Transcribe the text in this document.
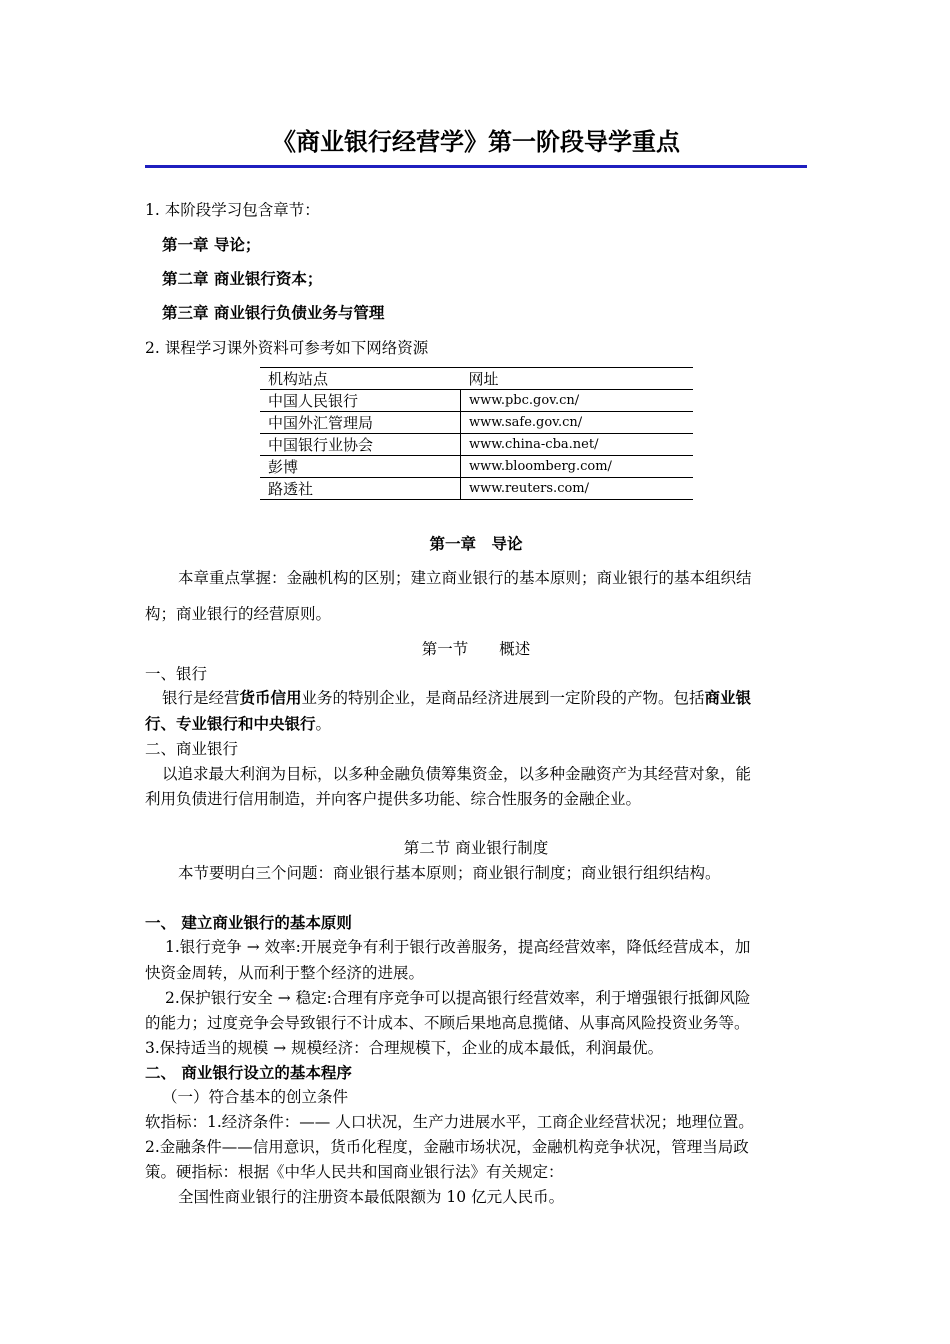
《商业银行经营学》第一阶段导学重点
1. 本阶段学习包含章节：
第一章 导论；
第二章 商业银行资本；
第三章 商业银行负债业务与管理
2. 课程学习课外资料可参考如下网络资源
机构站点	网址
中国人民银行	www.pbc.gov.cn/
中国外汇管理局	www.safe.gov.cn/
中国银行业协会	www.china-cba.net/
彭博	www.bloomberg.com/
路透社	www.reuters.com/
第一章　导论
本章重点掌握：金融机构的区别；建立商业银行的基本原则；商业银行的基本组织结
构；商业银行的经营原则。
第一节　　概述
一、银行
银行是经营货币信用业务的特别企业，是商品经济进展到一定阶段的产物。包括商业银
行、专业银行和中央银行。
二、商业银行
以追求最大利润为目标，以多种金融负债筹集资金，以多种金融资产为其经营对象，能
利用负债进行信用制造，并向客户提供多功能、综合性服务的金融企业。
第二节 商业银行制度
本节要明白三个问题：商业银行基本原则；商业银行制度；商业银行组织结构。
一、 建立商业银行的基本原则
1.银行竞争 → 效率:开展竞争有利于银行改善服务，提高经营效率，降低经营成本，加
快资金周转，从而利于整个经济的进展。
2.保护银行安全 → 稳定:合理有序竞争可以提高银行经营效率，利于增强银行抵御风险
的能力；过度竞争会导致银行不计成本、不顾后果地高息揽储、从事高风险投资业务等。
3.保持适当的规模 → 规模经济：合理规模下，企业的成本最低，利润最优。
二、 商业银行设立的基本程序
（一）符合基本的创立条件
软指标：1.经济条件：—— 人口状况，生产力进展水平，工商企业经营状况；地理位置。
2.金融条件——信用意识，货币化程度，金融市场状况，金融机构竞争状况，管理当局政
策。硬指标：根据《中华人民共和国商业银行法》有关规定：
全国性商业银行的注册资本最低限额为 10 亿元人民币。
